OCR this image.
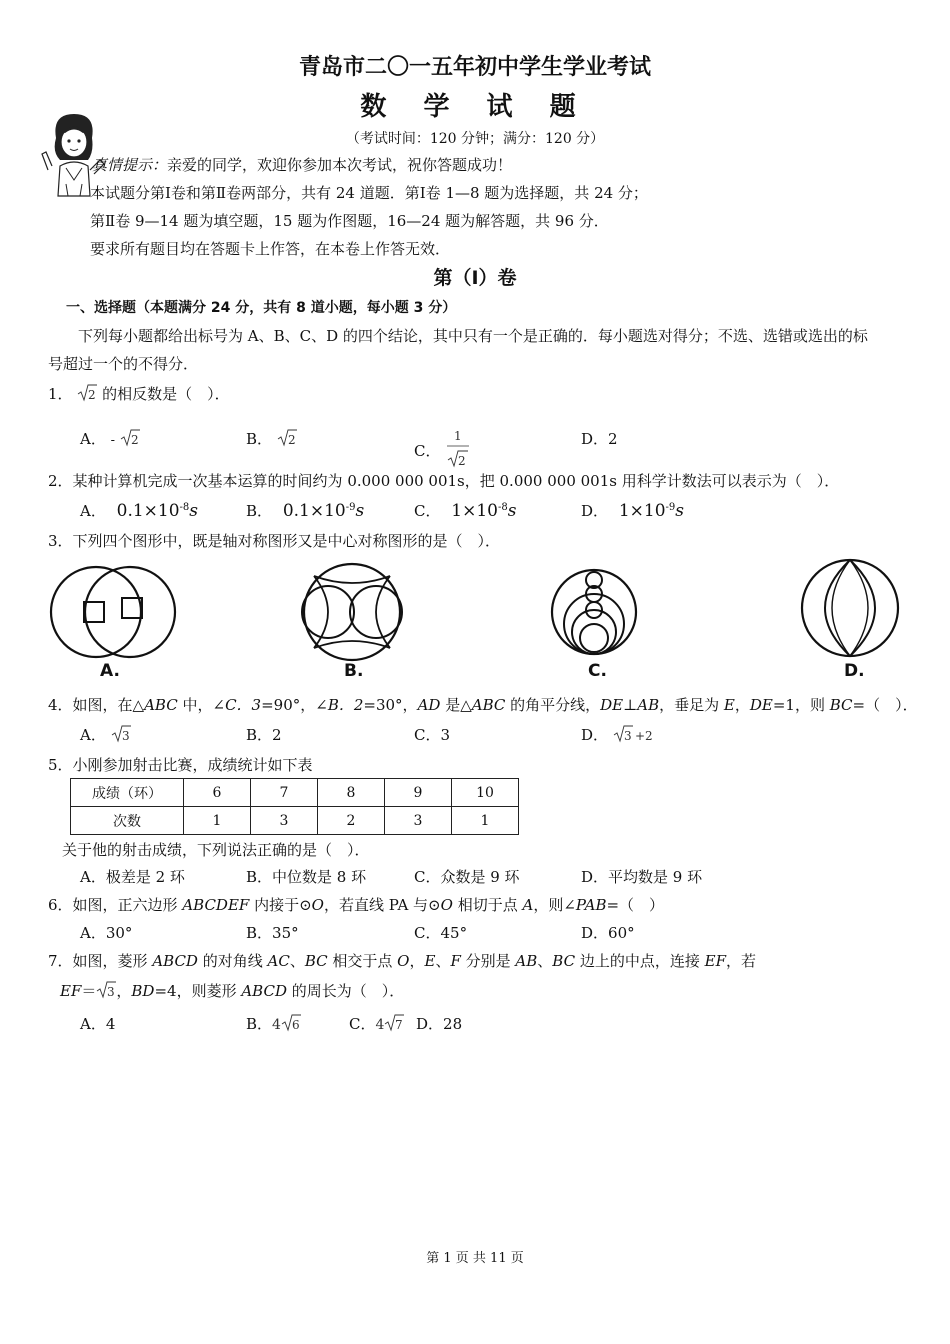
青岛市二〇一五年初中学生学业考试
数 学 试 题
（考试时间：120 分钟；满分：120 分）
真情提示：亲爱的同学，欢迎你参加本次考试，祝你答题成功！
本试题分第Ⅰ卷和第Ⅱ卷两部分，共有 24 道题．第Ⅰ卷 1—8 题为选择题，共 24 分；
第Ⅱ卷 9—14 题为填空题，15 题为作图题，16—24 题为解答题，共 96 分．
要求所有题目均在答题卡上作答，在本卷上作答无效．
第（Ⅰ）卷
一、选择题（本题满分 24 分，共有 8 道小题，每小题 3 分）
下列每小题都给出标号为 A、B、C、D 的四个结论，其中只有一个是正确的．每小题选对得分；不选、选错或选出的标
号超过一个的不得分．
1． 2 的相反数是（　）．
A． - 2	B． 2
C．
1
2
D．2
2．某种计算机完成一次基本运算的时间约为 0.000 000 001s，把 0.000 000 001s 用科学计数法可以表示为（　）．
A． $0.1\times 10^{-8}s$	B． $0.1\times 10^{-9}s$	C． $1\times 10^{-8}s$	D． $1\times 10^{-9}s$
3．下列四个图形中，既是轴对称图形又是中心对称图形的是（　）．
A.	B.	C.	D.
4．如图，在△ABC 中，∠C．3=90°，∠B．2=30°，AD 是△ABC 的角平分线，DE⊥AB，垂足为 E，DE=1，则 BC=（　）．
A． 3	B．2	C．3	D． 3 +2
5．小刚参加射击比赛，成绩统计如下表
成绩（环）	6	7	8	9	10
次数	1	3	2	3	1
关于他的射击成绩，下列说法正确的是（　）．
A．极差是 2 环	B．中位数是 8 环	C．众数是 9 环	D．平均数是 9 环
6．如图，正六边形 ABCDEF 内接于⊙O，若直线 PA 与⊙O 相切于点 A，则∠PAB=（　）
A．30°	B．35°	C．45°	D．60°
7．如图，菱形 ABCD 的对角线 AC、BC 相交于点 O，E、F 分别是 AB、BC 边上的中点，连接 EF，若
EF＝ 3 ，BD=4，则菱形 ABCD 的周长为（　）．
A．4	B．4 6	C．4 7 D．28
第 1 页 共 11 页
